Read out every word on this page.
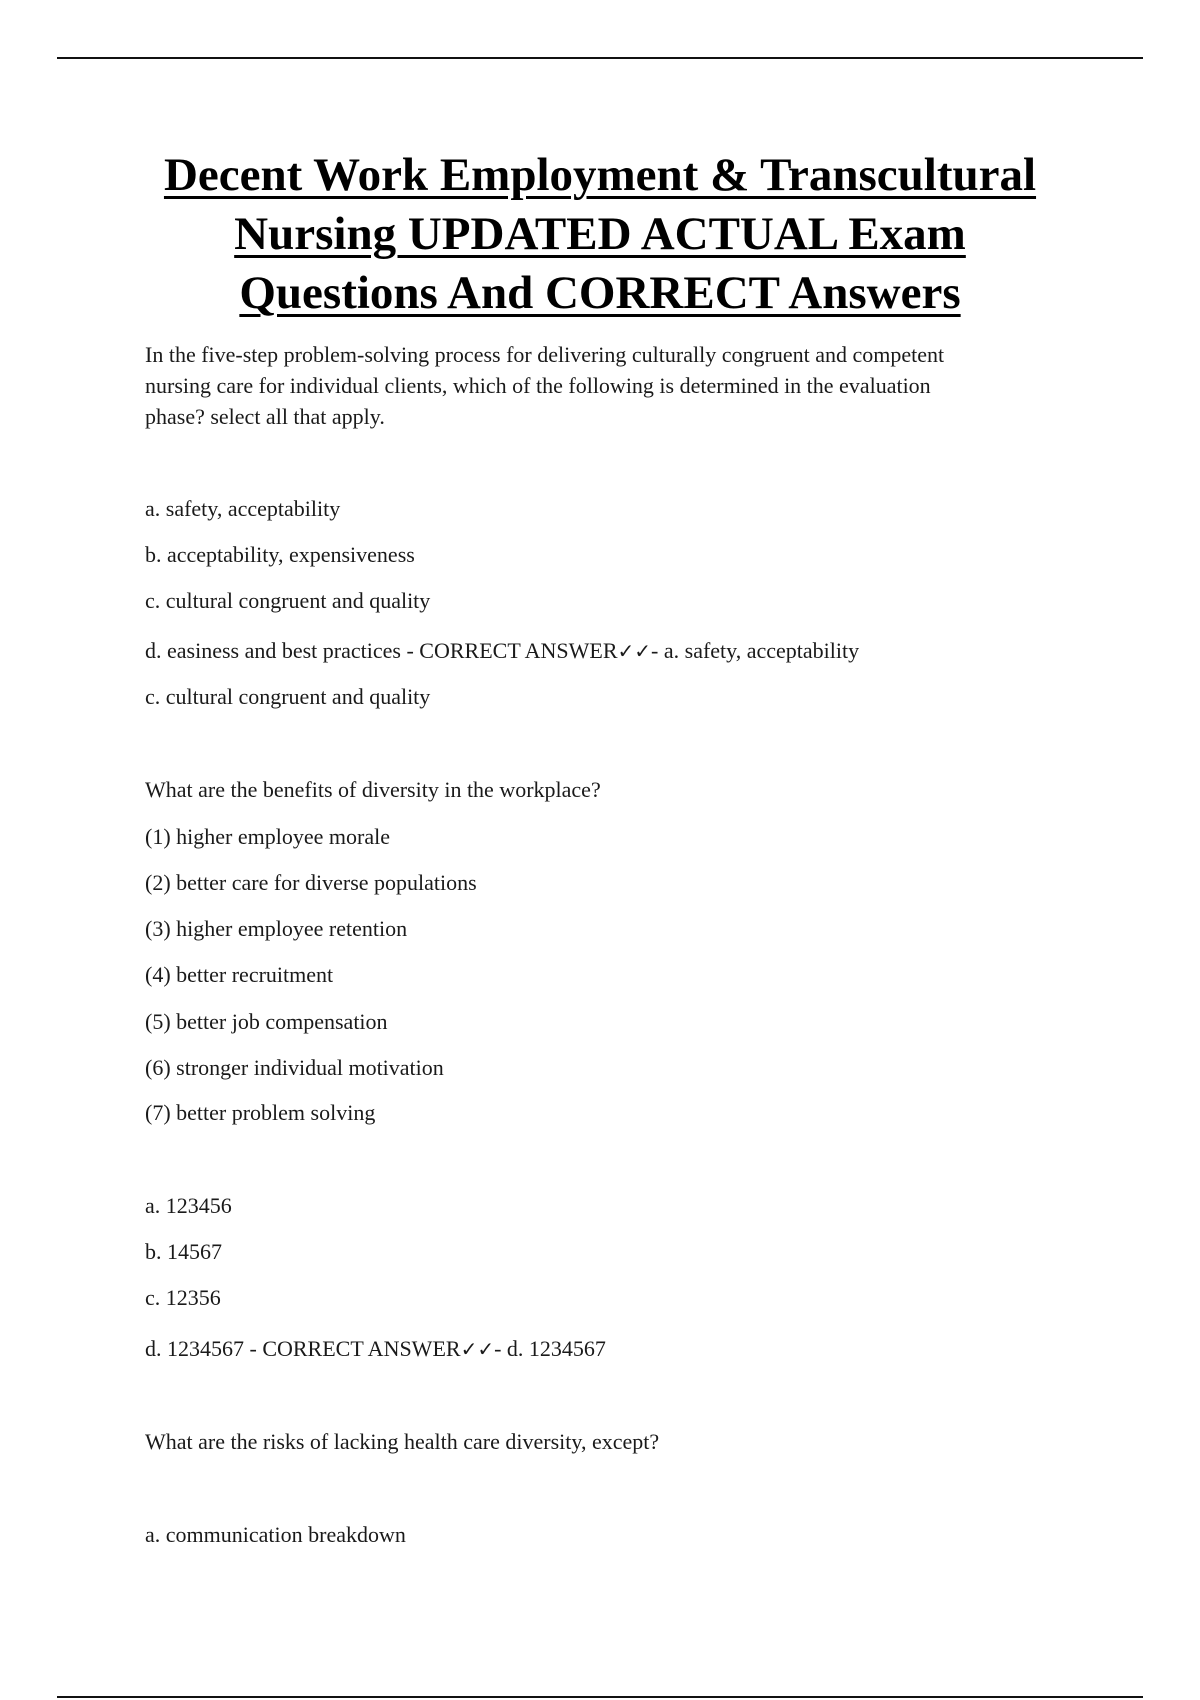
Decent Work Employment & Transcultural
Nursing UPDATED ACTUAL Exam
Questions And CORRECT Answers

In the five-step problem-solving process for delivering culturally congruent and competent

nursing care for individual clients, which of the following is determined in the evaluation

phase? select all that apply.

a. safety, acceptability

b. acceptability, expensiveness

c. cultural congruent and quality

d. easiness and best practices - CORRECT ANSWER✓✓- a. safety, acceptability

c. cultural congruent and quality

What are the benefits of diversity in the workplace?

(1) higher employee morale

(2) better care for diverse populations

(3) higher employee retention

(4) better recruitment

(5) better job compensation

(6) stronger individual motivation

(7) better problem solving

a. 123456

b. 14567

c. 12356

d. 1234567 - CORRECT ANSWER✓✓- d. 1234567

What are the risks of lacking health care diversity, except?

a. communication breakdown
